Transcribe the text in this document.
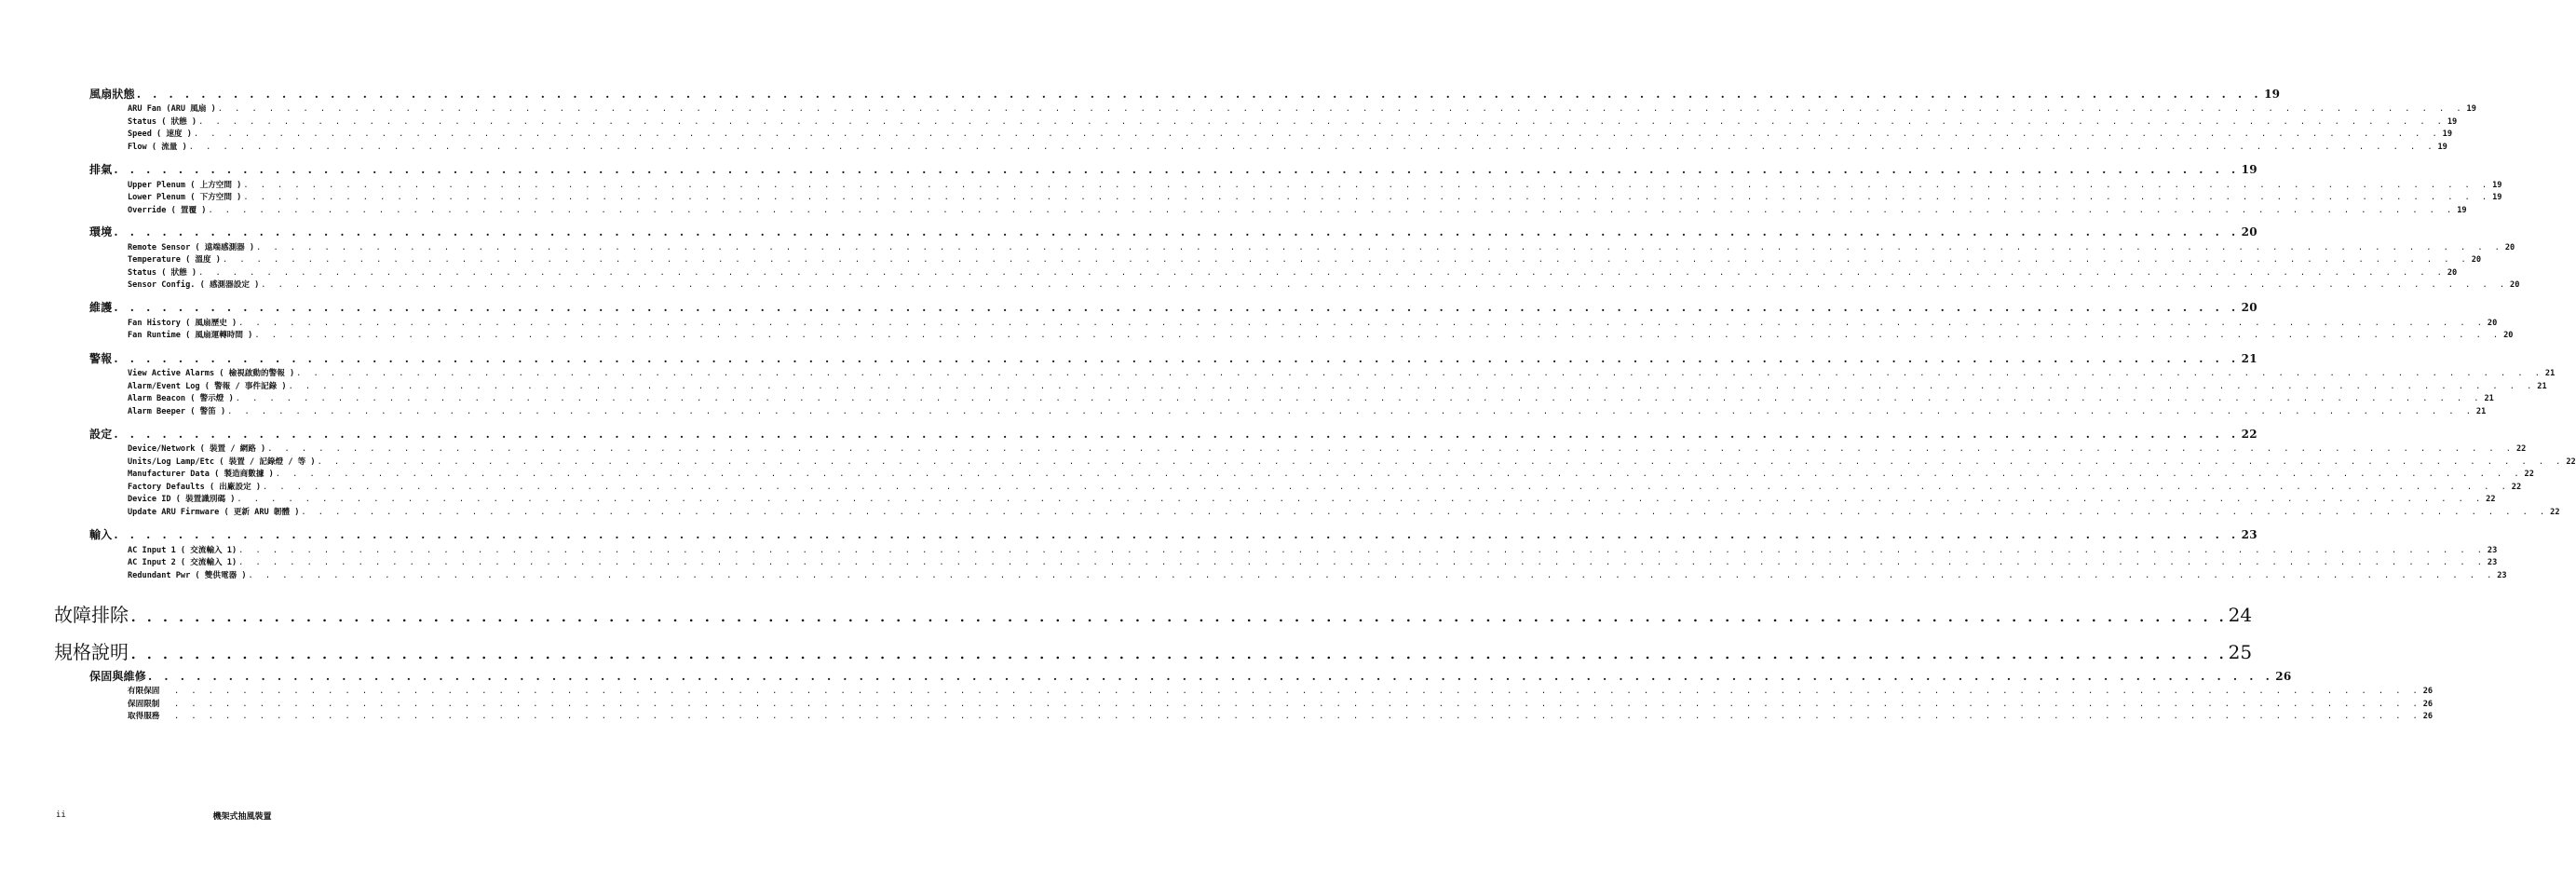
風扇狀態 . . . . . . . . . . . . . . . . . . . . . . . . . . . . . . . . . . . . . . . . . . . . . . . . . . . . . . . . . . . . . . . . . . . . . . . . . . . . . . . . . . . . . . . . . . . . . . . . . . . . . . . . . . . . . . . . . . . . . . . . . . . . . . . . . . . . 19
ARU Fan (ARU 風扇 ) . . . . . . . . . . . . . . . . . . . . . . . . . . . . . . . . . . . . . . . . . . . . . . . . . . . . . . . . . . . . . . . . . . . . . . . . . . . . . . . . . . . . . . . . . . . . . . . . . . . . . . . . . . . . . . . . . . . . . . . . . . . . . . . . . . . . 19
Status ( 狀態 ) . . . . . . . . . . . . . . . . . . . . . . . . . . . . . . . . . . . . . . . . . . . . . . . . . . . . . . . . . . . . . . . . . . . . . . . . . . . . . . . . . . . . . . . . . . . . . . . . . . . . . . . . . . . . . . . . . . . . . . . . . . . . . . . . . . . . 19
Speed ( 速度 ) . . . . . . . . . . . . . . . . . . . . . . . . . . . . . . . . . . . . . . . . . . . . . . . . . . . . . . . . . . . . . . . . . . . . . . . . . . . . . . . . . . . . . . . . . . . . . . . . . . . . . . . . . . . . . . . . . . . . . . . . . . . . . . . . . . . . 19
Flow ( 流量 ) . . . . . . . . . . . . . . . . . . . . . . . . . . . . . . . . . . . . . . . . . . . . . . . . . . . . . . . . . . . . . . . . . . . . . . . . . . . . . . . . . . . . . . . . . . . . . . . . . . . . . . . . . . . . . . . . . . . . . . . . . . . . . . . . . . . . 19
排氣 . . . . . . . . . . . . . . . . . . . . . . . . . . . . . . . . . . . . . . . . . . . . . . . . . . . . . . . . . . . . . . . . . . . . . . . . . . . . . . . . . . . . . . . . . . . . . . . . . . . . . . . . . . . . . . . . . . . . . . . . . . . . . . . . . . . . 19
Upper Plenum ( 上方空間 ) . . . . . . . . . . . . . . . . . . . . . . . . . . . . . . . . . . . . . . . . . . . . . . . . . . . . . . . . . . . . . . . . . . . . . . . . . . . . . . . . . . . . . . . . . . . . . . . . . . . . . . . . . . . . . . . . . . . . . . . . . . . . . . . . . . . . 19
Lower Plenum ( 下方空間 ) . . . . . . . . . . . . . . . . . . . . . . . . . . . . . . . . . . . . . . . . . . . . . . . . . . . . . . . . . . . . . . . . . . . . . . . . . . . . . . . . . . . . . . . . . . . . . . . . . . . . . . . . . . . . . . . . . . . . . . . . . . . . . . . . . . . . 19
Override ( 置覆 ) . . . . . . . . . . . . . . . . . . . . . . . . . . . . . . . . . . . . . . . . . . . . . . . . . . . . . . . . . . . . . . . . . . . . . . . . . . . . . . . . . . . . . . . . . . . . . . . . . . . . . . . . . . . . . . . . . . . . . . . . . . . . . . . . . . . . 19
環境 . . . . . . . . . . . . . . . . . . . . . . . . . . . . . . . . . . . . . . . . . . . . . . . . . . . . . . . . . . . . . . . . . . . . . . . . . . . . . . . . . . . . . . . . . . . . . . . . . . . . . . . . . . . . . . . . . . . . . . . . . . . . . . . . . . . . 20
Remote Sensor ( 遠端感測器 ) . . . . . . . . . . . . . . . . . . . . . . . . . . . . . . . . . . . . . . . . . . . . . . . . . . . . . . . . . . . . . . . . . . . . . . . . . . . . . . . . . . . . . . . . . . . . . . . . . . . . . . . . . . . . . . . . . . . . . . . . . . . . . . . . . . . . 20
Temperature ( 溫度 ) . . . . . . . . . . . . . . . . . . . . . . . . . . . . . . . . . . . . . . . . . . . . . . . . . . . . . . . . . . . . . . . . . . . . . . . . . . . . . . . . . . . . . . . . . . . . . . . . . . . . . . . . . . . . . . . . . . . . . . . . . . . . . . . . . . . . 20
Status ( 狀態 ) . . . . . . . . . . . . . . . . . . . . . . . . . . . . . . . . . . . . . . . . . . . . . . . . . . . . . . . . . . . . . . . . . . . . . . . . . . . . . . . . . . . . . . . . . . . . . . . . . . . . . . . . . . . . . . . . . . . . . . . . . . . . . . . . . . . . 20
Sensor Config. ( 感測器設定 ) . . . . . . . . . . . . . . . . . . . . . . . . . . . . . . . . . . . . . . . . . . . . . . . . . . . . . . . . . . . . . . . . . . . . . . . . . . . . . . . . . . . . . . . . . . . . . . . . . . . . . . . . . . . . . . . . . . . . . . . . . . . . . . . . . . . . 20
維護 . . . . . . . . . . . . . . . . . . . . . . . . . . . . . . . . . . . . . . . . . . . . . . . . . . . . . . . . . . . . . . . . . . . . . . . . . . . . . . . . . . . . . . . . . . . . . . . . . . . . . . . . . . . . . . . . . . . . . . . . . . . . . . . . . . . . 20
Fan History ( 風扇歷史 ) . . . . . . . . . . . . . . . . . . . . . . . . . . . . . . . . . . . . . . . . . . . . . . . . . . . . . . . . . . . . . . . . . . . . . . . . . . . . . . . . . . . . . . . . . . . . . . . . . . . . . . . . . . . . . . . . . . . . . . . . . . . . . . . . . . . . 20
Fan Runtime ( 風扇運轉時間 ) . . . . . . . . . . . . . . . . . . . . . . . . . . . . . . . . . . . . . . . . . . . . . . . . . . . . . . . . . . . . . . . . . . . . . . . . . . . . . . . . . . . . . . . . . . . . . . . . . . . . . . . . . . . . . . . . . . . . . . . . . . . . . . . . . . . . 20
警報 . . . . . . . . . . . . . . . . . . . . . . . . . . . . . . . . . . . . . . . . . . . . . . . . . . . . . . . . . . . . . . . . . . . . . . . . . . . . . . . . . . . . . . . . . . . . . . . . . . . . . . . . . . . . . . . . . . . . . . . . . . . . . . . . . . . . 21
View Active Alarms ( 檢視啟動的警報 ) . . . . . . . . . . . . . . . . . . . . . . . . . . . . . . . . . . . . . . . . . . . . . . . . . . . . . . . . . . . . . . . . . . . . . . . . . . . . . . . . . . . . . . . . . . . . . . . . . . . . . . . . . . . . . . . . . . . . . . . . . . . . . . . . . . . . 21
Alarm/Event Log ( 警報 / 事件記錄 ) . . . . . . . . . . . . . . . . . . . . . . . . . . . . . . . . . . . . . . . . . . . . . . . . . . . . . . . . . . . . . . . . . . . . . . . . . . . . . . . . . . . . . . . . . . . . . . . . . . . . . . . . . . . . . . . . . . . . . . . . . . . . . . . . . . . . 21
Alarm Beacon ( 警示燈 ) . . . . . . . . . . . . . . . . . . . . . . . . . . . . . . . . . . . . . . . . . . . . . . . . . . . . . . . . . . . . . . . . . . . . . . . . . . . . . . . . . . . . . . . . . . . . . . . . . . . . . . . . . . . . . . . . . . . . . . . . . . . . . . . . . . . . 21
Alarm Beeper ( 警笛 ) . . . . . . . . . . . . . . . . . . . . . . . . . . . . . . . . . . . . . . . . . . . . . . . . . . . . . . . . . . . . . . . . . . . . . . . . . . . . . . . . . . . . . . . . . . . . . . . . . . . . . . . . . . . . . . . . . . . . . . . . . . . . . . . . . . . . 21
設定 . . . . . . . . . . . . . . . . . . . . . . . . . . . . . . . . . . . . . . . . . . . . . . . . . . . . . . . . . . . . . . . . . . . . . . . . . . . . . . . . . . . . . . . . . . . . . . . . . . . . . . . . . . . . . . . . . . . . . . . . . . . . . . . . . . . . 22
Device/Network ( 裝置 / 網路 ) . . . . . . . . . . . . . . . . . . . . . . . . . . . . . . . . . . . . . . . . . . . . . . . . . . . . . . . . . . . . . . . . . . . . . . . . . . . . . . . . . . . . . . . . . . . . . . . . . . . . . . . . . . . . . . . . . . . . . . . . . . . . . . . . . . . . 22
Units/Log Lamp/Etc ( 裝置 / 記錄燈 / 等 ) . . . . . . . . . . . . . . . . . . . . . . . . . . . . . . . . . . . . . . . . . . . . . . . . . . . . . . . . . . . . . . . . . . . . . . . . . . . . . . . . . . . . . . . . . . . . . . . . . . . . . . . . . . . . . . . . . . . . . . . . . . . . . . . . . . . . 22
Manufacturer Data ( 製造商數據 ) . . . . . . . . . . . . . . . . . . . . . . . . . . . . . . . . . . . . . . . . . . . . . . . . . . . . . . . . . . . . . . . . . . . . . . . . . . . . . . . . . . . . . . . . . . . . . . . . . . . . . . . . . . . . . . . . . . . . . . . . . . . . . . . . . . . . 22
Factory Defaults ( 出廠設定 ) . . . . . . . . . . . . . . . . . . . . . . . . . . . . . . . . . . . . . . . . . . . . . . . . . . . . . . . . . . . . . . . . . . . . . . . . . . . . . . . . . . . . . . . . . . . . . . . . . . . . . . . . . . . . . . . . . . . . . . . . . . . . . . . . . . . . 22
Device ID ( 裝置識別碼 ) . . . . . . . . . . . . . . . . . . . . . . . . . . . . . . . . . . . . . . . . . . . . . . . . . . . . . . . . . . . . . . . . . . . . . . . . . . . . . . . . . . . . . . . . . . . . . . . . . . . . . . . . . . . . . . . . . . . . . . . . . . . . . . . . . . . . 22
Update ARU Firmware ( 更新 ARU 韌體 ) . . . . . . . . . . . . . . . . . . . . . . . . . . . . . . . . . . . . . . . . . . . . . . . . . . . . . . . . . . . . . . . . . . . . . . . . . . . . . . . . . . . . . . . . . . . . . . . . . . . . . . . . . . . . . . . . . . . . . . . . . . . . . . . . . . . . 22
輸入 . . . . . . . . . . . . . . . . . . . . . . . . . . . . . . . . . . . . . . . . . . . . . . . . . . . . . . . . . . . . . . . . . . . . . . . . . . . . . . . . . . . . . . . . . . . . . . . . . . . . . . . . . . . . . . . . . . . . . . . . . . . . . . . . . . . . 23
AC Input 1 ( 交流輸入 1) . . . . . . . . . . . . . . . . . . . . . . . . . . . . . . . . . . . . . . . . . . . . . . . . . . . . . . . . . . . . . . . . . . . . . . . . . . . . . . . . . . . . . . . . . . . . . . . . . . . . . . . . . . . . . . . . . . . . . . . . . . . . . . . . . . . . 23
AC Input 2 ( 交流輸入 1) . . . . . . . . . . . . . . . . . . . . . . . . . . . . . . . . . . . . . . . . . . . . . . . . . . . . . . . . . . . . . . . . . . . . . . . . . . . . . . . . . . . . . . . . . . . . . . . . . . . . . . . . . . . . . . . . . . . . . . . . . . . . . . . . . . . . 23
Redundant Pwr ( 雙供電器 ) . . . . . . . . . . . . . . . . . . . . . . . . . . . . . . . . . . . . . . . . . . . . . . . . . . . . . . . . . . . . . . . . . . . . . . . . . . . . . . . . . . . . . . . . . . . . . . . . . . . . . . . . . . . . . . . . . . . . . . . . . . . . . . . . . . . . 23
故障排除 . . . . . . . . . . . . . . . . . . . . . . . . . . . . . . . . . . . . . . . . . . . . . . . . . . . . . . . . . . . . . . . . . . . . . . . . . . . . . . . . . . . . . . . . . . . . . . . . . . . . . . . . . . . . . . . . . . . . . . . . . . . . . . . . . . . . 24
規格說明 . . . . . . . . . . . . . . . . . . . . . . . . . . . . . . . . . . . . . . . . . . . . . . . . . . . . . . . . . . . . . . . . . . . . . . . . . . . . . . . . . . . . . . . . . . . . . . . . . . . . . . . . . . . . . . . . . . . . . . . . . . . . . . . . . . . . 25
保固與維修 . . . . . . . . . . . . . . . . . . . . . . . . . . . . . . . . . . . . . . . . . . . . . . . . . . . . . . . . . . . . . . . . . . . . . . . . . . . . . . . . . . . . . . . . . . . . . . . . . . . . . . . . . . . . . . . . . . . . . . . . . . . . . . . . . . . . 26
有限保固	. . . . . . . . . . . . . . . . . . . . . . . . . . . . . . . . . . . . . . . . . . . . . . . . . . . . . . . . . . . . . . . . . . . . . . . . . . . . . . . . . . . . . . . . . . . . . . . . . . . . . . . . . . . . . . . . . . . . . . . . . . . . . . . . . . . . 26
保固限制	. . . . . . . . . . . . . . . . . . . . . . . . . . . . . . . . . . . . . . . . . . . . . . . . . . . . . . . . . . . . . . . . . . . . . . . . . . . . . . . . . . . . . . . . . . . . . . . . . . . . . . . . . . . . . . . . . . . . . . . . . . . . . . . . . . . . 26
取得服務	. . . . . . . . . . . . . . . . . . . . . . . . . . . . . . . . . . . . . . . . . . . . . . . . . . . . . . . . . . . . . . . . . . . . . . . . . . . . . . . . . . . . . . . . . . . . . . . . . . . . . . . . . . . . . . . . . . . . . . . . . . . . . . . . . . . . 26
ii	機架式抽風裝置
